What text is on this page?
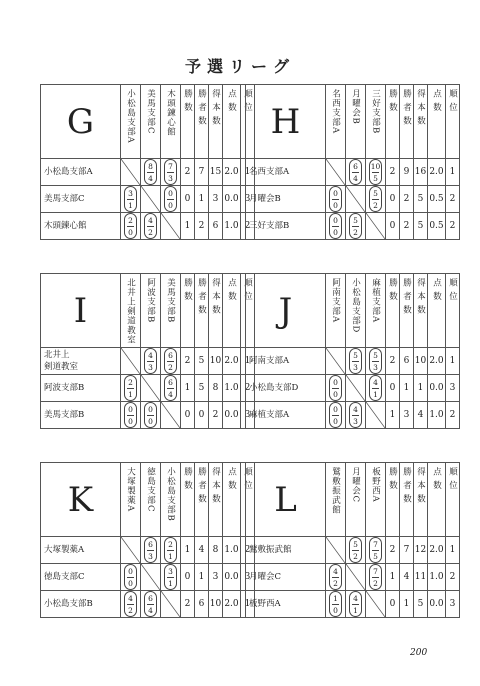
予選リーグ
G	小松島支部A	美馬支部C	木頭鍊心館	勝数	勝者数	得本数	点数	順位

小松島支部A		$\frac{8}{4}$	$\frac{7}{3}$	2	7	15	2.0	1
美馬支部C	$\frac{3}{1}$		$\frac{0}{0}$	0	1	3	0.0	3
木頭鍊心館	$\frac{2}{0}$	$\frac{4}{2}$		1	2	6	1.0	2
H	名西支部A	月曜会B	三好支部B	勝数	勝者数	得本数	点数	順位

名西支部A		$\frac{6}{4}$	$\frac{10}{5}$	2	9	16	2.0	1
月曜会B	$\frac{0}{0}$		$\frac{5}{2}$	0	2	5	0.5	2
三好支部B	$\frac{0}{0}$	$\frac{5}{2}$		0	2	5	0.5	2
I	北井上剣道教室	阿波支部B	美馬支部B	勝数	勝者数	得本数	点数	順位

北井上
剣道教室		$\frac{4}{3}$	$\frac{6}{2}$	2	5	10	2.0	1
阿波支部B	$\frac{2}{1}$		$\frac{6}{4}$	1	5	8	1.0	2
美馬支部B	$\frac{0}{0}$	$\frac{0}{0}$		0	0	2	0.0	3
J	阿南支部A	小松島支部D	麻植支部A	勝数	勝者数	得本数	点数	順位

阿南支部A		$\frac{5}{3}$	$\frac{5}{3}$	2	6	10	2.0	1
小松島支部D	$\frac{0}{0}$		$\frac{4}{1}$	0	1	1	0.0	3
麻植支部A	$\frac{0}{0}$	$\frac{4}{3}$		1	3	4	1.0	2
K	大塚製薬A	徳島支部C	小松島支部B	勝数	勝者数	得本数	点数	順位

大塚製薬A		$\frac{6}{3}$	$\frac{2}{1}$	1	4	8	1.0	2
徳島支部C	$\frac{0}{0}$		$\frac{3}{1}$	0	1	3	0.0	3
小松島支部B	$\frac{4}{2}$	$\frac{6}{4}$		2	6	10	2.0	1
L	鷲敷振武館	月曜会C	板野西A	勝数	勝者数	得本数	点数	順位

鷲敷振武館		$\frac{5}{2}$	$\frac{7}{5}$	2	7	12	2.0	1
月曜会C	$\frac{4}{2}$		$\frac{7}{2}$	1	4	11	1.0	2
板野西A	$\frac{1}{0}$	$\frac{4}{1}$		0	1	5	0.0	3
200
